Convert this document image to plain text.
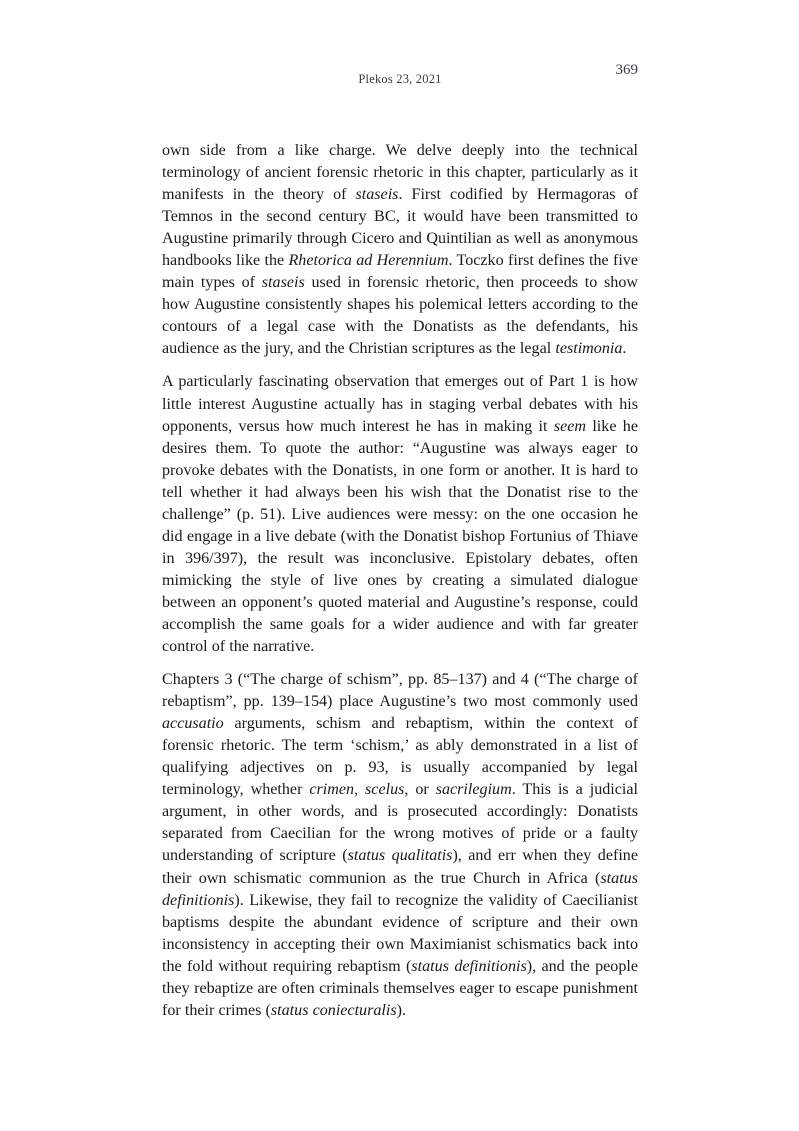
Plekos 23, 2021
369

own side from a like charge. We delve deeply into the technical terminology of ancient forensic rhetoric in this chapter, particularly as it manifests in the theory of staseis. First codified by Hermagoras of Temnos in the second century BC, it would have been transmitted to Augustine primarily through Cicero and Quintilian as well as anonymous handbooks like the Rhetorica ad Herennium. Toczko first defines the five main types of staseis used in forensic rhetoric, then proceeds to show how Augustine consistently shapes his polemical letters according to the contours of a legal case with the Donatists as the defendants, his audience as the jury, and the Christian scriptures as the legal testimonia.

A particularly fascinating observation that emerges out of Part 1 is how little interest Augustine actually has in staging verbal debates with his opponents, versus how much interest he has in making it seem like he desires them. To quote the author: “Augustine was always eager to provoke debates with the Donatists, in one form or another. It is hard to tell whether it had always been his wish that the Donatist rise to the challenge” (p. 51). Live audiences were messy: on the one occasion he did engage in a live debate (with the Donatist bishop Fortunius of Thiave in 396/397), the result was inconclusive. Epistolary debates, often mimicking the style of live ones by creating a simulated dialogue between an opponent’s quoted material and Augustine’s response, could accomplish the same goals for a wider audience and with far greater control of the narrative.

Chapters 3 (“The charge of schism”, pp. 85–137) and 4 (“The charge of rebaptism”, pp. 139–154) place Augustine’s two most commonly used accusatio arguments, schism and rebaptism, within the context of forensic rhetoric. The term ‘schism,’ as ably demonstrated in a list of qualifying adjectives on p. 93, is usually accompanied by legal terminology, whether crimen, scelus, or sacrilegium. This is a judicial argument, in other words, and is prosecuted accordingly: Donatists separated from Caecilian for the wrong motives of pride or a faulty understanding of scripture (status qualitatis), and err when they define their own schismatic communion as the true Church in Africa (status definitionis). Likewise, they fail to recognize the validity of Caecilianist baptisms despite the abundant evidence of scripture and their own inconsistency in accepting their own Maximianist schismatics back into the fold without requiring rebaptism (status definitionis), and the people they rebaptize are often criminals themselves eager to escape punishment for their crimes (status coniecturalis).
